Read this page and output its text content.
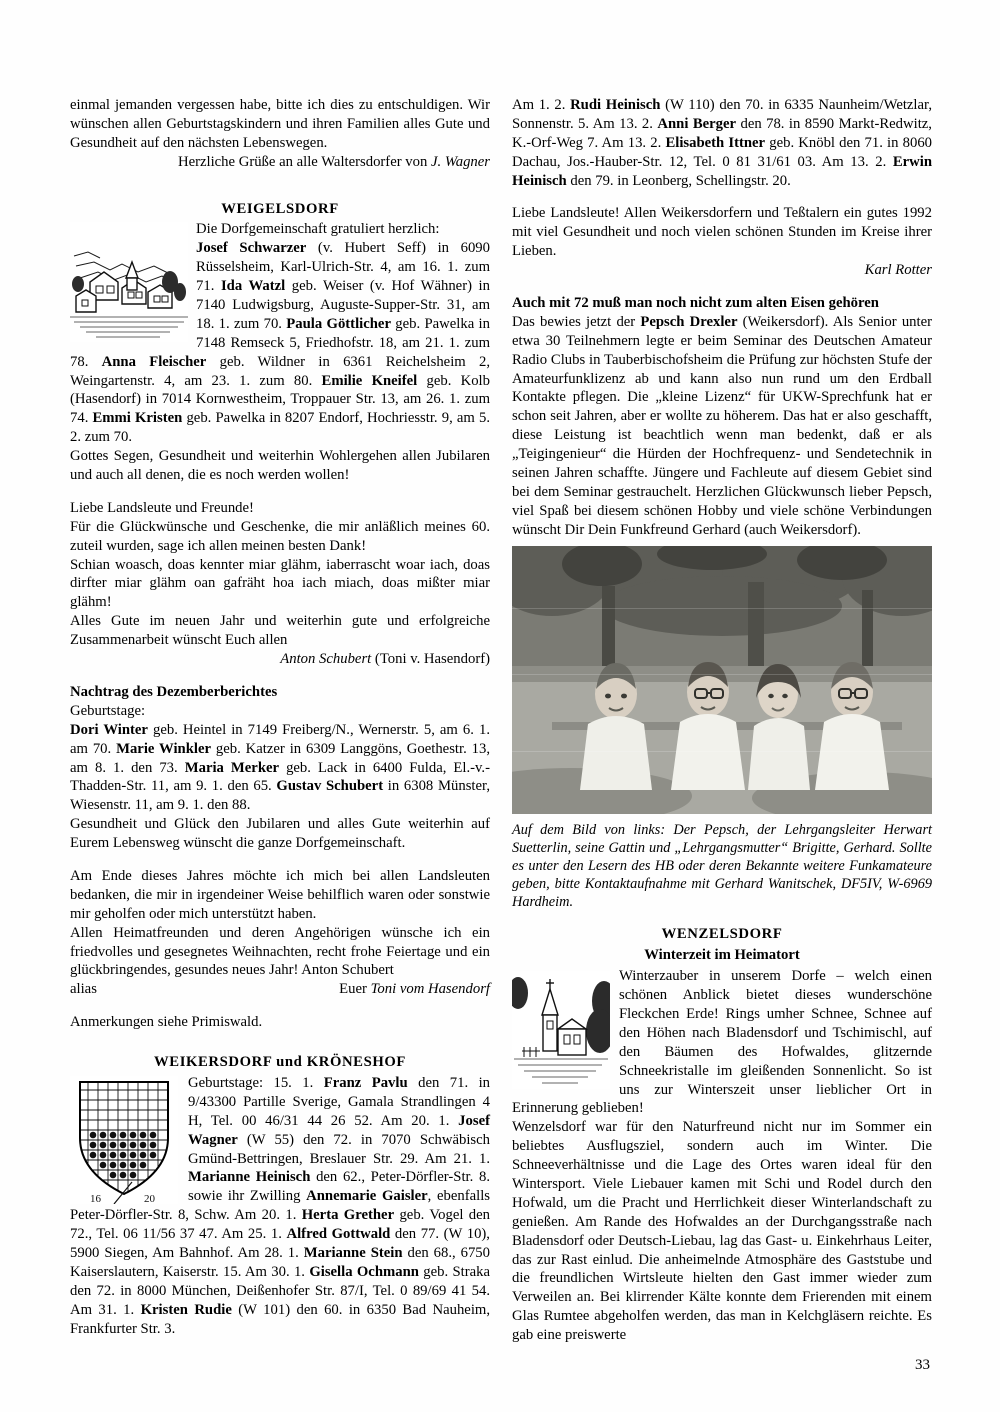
einmal jemanden vergessen habe, bitte ich dies zu entschuldigen. Wir wünschen allen Geburtstagskindern und ihren Familien alles Gute und Gesundheit auf den nächsten Lebenswegen.

Herzliche Grüße an alle Waltersdorfer von J. Wagner

WEIGELSDORF

Die Dorfgemeinschaft gratuliert herzlich:

Josef Schwarzer (v. Hubert Seff) in 6090 Rüsselsheim, Karl-Ulrich-Str. 4, am 16. 1. zum 71. Ida Watzl geb. Weiser (v. Hof Wähner) in 7140 Ludwigsburg, Auguste-Supper-Str. 31, am 18. 1. zum 70. Paula Göttlicher geb. Pawelka in 7148 Remseck 5, Friedhofstr. 18, am 21. 1. zum 78. Anna Fleischer geb. Wildner in 6361 Reichelsheim 2, Weingartenstr. 4, am 23. 1. zum 80. Emilie Kneifel geb. Kolb (Hasendorf) in 7014 Kornwestheim, Troppauer Str. 13, am 26. 1. zum 74. Emmi Kristen geb. Pawelka in 8207 Endorf, Hochriesstr. 9, am 5. 2. zum 70.

Gottes Segen, Gesundheit und weiterhin Wohlergehen allen Jubilaren und auch all denen, die es noch werden wollen!

Liebe Landsleute und Freunde!

Für die Glückwünsche und Geschenke, die mir anläßlich meines 60. zuteil wurden, sage ich allen meinen besten Dank!

Schian woasch, doas kennter miar glähm, iaberrascht woar iach, doas dirfter miar glähm oan gafräht hoa iach miach, doas mißter miar glähm!

Alles Gute im neuen Jahr und weiterhin gute und erfolgreiche Zusammenarbeit wünscht Euch allen

Anton Schubert (Toni v. Hasendorf)

Nachtrag des Dezemberberichtes

Geburtstage:

Dori Winter geb. Heintel in 7149 Freiberg/N., Wernerstr. 5, am 6. 1. am 70. Marie Winkler geb. Katzer in 6309 Langgöns, Goethestr. 13, am 8. 1. den 73. Maria Merker geb. Lack in 6400 Fulda, El.-v.-Thadden-Str. 11, am 9. 1. den 65. Gustav Schubert in 6308 Münster, Wiesenstr. 11, am 9. 1. den 88.

Gesundheit und Glück den Jubilaren und alles Gute weiterhin auf Eurem Lebensweg wünscht die ganze Dorfgemeinschaft.

Am Ende dieses Jahres möchte ich mich bei allen Landsleuten bedanken, die mir in irgendeiner Weise behilflich waren oder sonstwie mir geholfen oder mich unterstützt haben.

Allen Heimatfreunden und deren Angehörigen wünsche ich ein friedvolles und gesegnetes Weihnachten, recht frohe Feiertage und ein glückbringendes, gesundes neues Jahr! Anton Schubert

alias	Euer Toni vom Hasendorf

Anmerkungen siehe Primiswald.

WEIKERSDORF und KRÖNESHOF
16	20

Geburtstage: 15. 1. Franz Pavlu den 71. in 9/43300 Partille Sverige, Gamala Strandlingen 4 H, Tel. 00 46/31 44 26 52. Am 20. 1. Josef Wagner (W 55) den 72. in 7070 Schwäbisch Gmünd-Bettringen, Breslauer Str. 29. Am 21. 1. Marianne Heinisch den 62., Peter-Dörfler-Str. 8. sowie ihr Zwilling Annemarie Gaisler, ebenfalls Peter-Dörfler-Str. 8, Schw. Am 20. 1. Herta Grether geb. Vogel den 72., Tel. 06 11/56 37 47. Am 25. 1. Alfred Gottwald den 77. (W 10), 5900 Siegen, Am Bahnhof. Am 28. 1. Marianne Stein den 68., 6750 Kaiserslautern, Kaiserstr. 15. Am 30. 1. Gisella Ochmann geb. Straka den 72. in 8000 München, Deißenhofer Str. 87/I, Tel. 0 89/69 41 54. Am 31. 1. Kristen Rudie (W 101) den 60. in 6350 Bad Nauheim, Frankfurter Str. 3.

Am 1. 2. Rudi Heinisch (W 110) den 70. in 6335 Naunheim/Wetzlar, Sonnenstr. 5. Am 13. 2. Anni Berger den 78. in 8590 Markt-Redwitz, K.-Orf-Weg 7. Am 13. 2. Elisabeth Ittner geb. Knöbl den 71. in 8060 Dachau, Jos.-Hauber-Str. 12, Tel. 0 81 31/61 03. Am 13. 2. Erwin Heinisch den 79. in Leonberg, Schellingstr. 20.

Liebe Landsleute! Allen Weikersdorfern und Teßtalern ein gutes 1992 mit viel Gesundheit und noch vielen schönen Stunden im Kreise ihrer Lieben.

Karl Rotter

Auch mit 72 muß man noch nicht zum alten Eisen gehören

Das bewies jetzt der Pepsch Drexler (Weikersdorf). Als Senior unter etwa 30 Teilnehmern legte er beim Seminar des Deutschen Amateur Radio Clubs in Tauberbischofsheim die Prüfung zur höchsten Stufe der Amateurfunklizenz ab und kann also nun rund um den Erdball Kontakte pflegen. Die „kleine Lizenz“ für UKW-Sprechfunk hat er schon seit Jahren, aber er wollte zu höherem. Das hat er also geschafft, diese Leistung ist beachtlich wenn man bedenkt, daß er als „Teigingenieur“ die Hürden der Hochfrequenz- und Sendetechnik in seinen Jahren schaffte. Jüngere und Fachleute auf diesem Gebiet sind bei dem Seminar gestrauchelt. Herzlichen Glückwunsch lieber Pepsch, viel Spaß bei diesem schönen Hobby und viele schöne Verbindungen wünscht Dir Dein Funkfreund Gerhard (auch Weikersdorf).

Auf dem Bild von links: Der Pepsch, der Lehrgangsleiter Herwart Suetterlin, seine Gattin und „Lehrgangsmutter“ Brigitte, Gerhard. Sollte es unter den Lesern des HB oder deren Bekannte weitere Funkamateure geben, bitte Kontaktaufnahme mit Gerhard Wanitschek, DF5IV, W-6969 Hardheim.

WENZELSDORF
Winterzeit im Heimatort

Winterzauber in unserem Dorfe – welch einen schönen Anblick bietet dieses wunderschöne Fleckchen Erde! Rings umher Schnee, Schnee auf den Höhen nach Bladensdorf und Tschimischl, auf den Bäumen des Hofwaldes, glitzernde Schneekristalle im gleißenden Sonnenlicht. So ist uns zur Winterszeit unser lieblicher Ort in Erinnerung geblieben!

Wenzelsdorf war für den Naturfreund nicht nur im Sommer ein beliebtes Ausflugsziel, sondern auch im Winter. Die Schneeverhältnisse und die Lage des Ortes waren ideal für den Wintersport. Viele Liebauer kamen mit Schi und Rodel durch den Hofwald, um die Pracht und Herrlichkeit dieser Winterlandschaft zu genießen. Am Rande des Hofwaldes an der Durchgangsstraße nach Bladensdorf oder Deutsch-Liebau, lag das Gast- u. Einkehrhaus Leiter, das zur Rast einlud. Die anheimelnde Atmosphäre des Gaststube und die freundlichen Wirtsleute hielten den Gast immer wieder zum Verweilen an. Bei klirrender Kälte konnte dem Frierenden mit einem Glas Rumtee abgeholfen werden, das man in Kelchgläsern reichte. Es gab eine preiswerte

33
